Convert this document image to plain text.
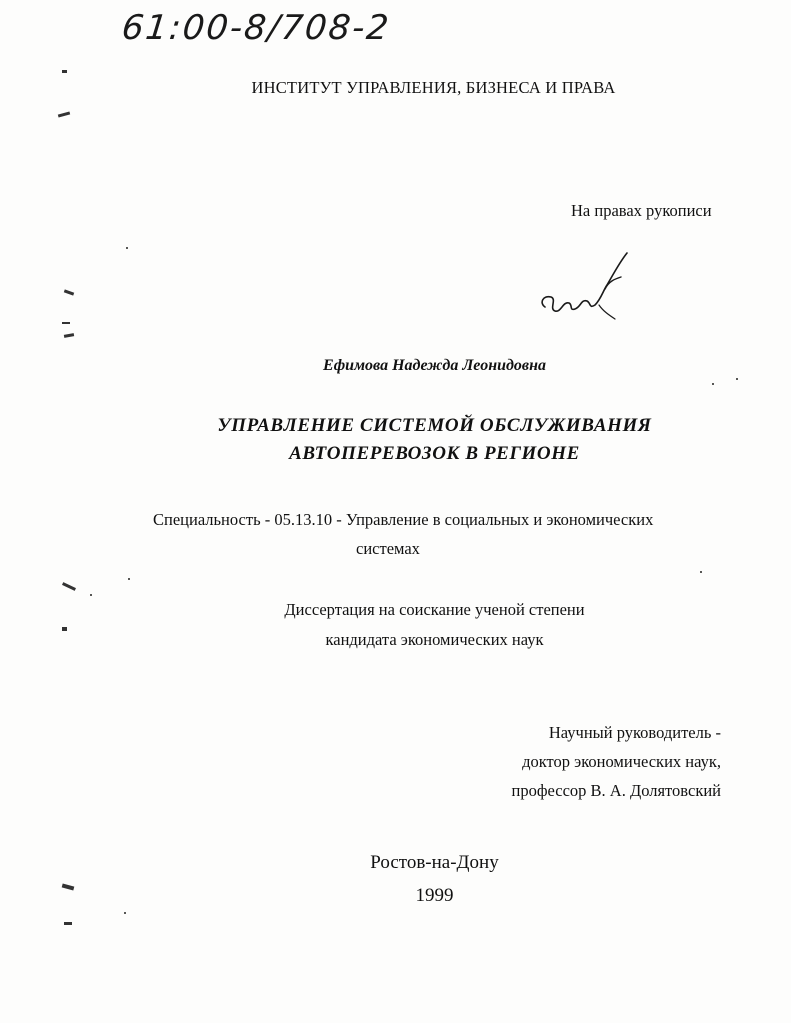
61:00-8/708-2
ИНСТИТУТ УПРАВЛЕНИЯ, БИЗНЕСА И ПРАВА
На правах рукописи
Ефимова Надежда Леонидовна
УПРАВЛЕНИЕ СИСТЕМОЙ ОБСЛУЖИВАНИЯ
АВТОПЕРЕВОЗОК В РЕГИОНЕ
Специальность - 05.13.10 - Управление в социальных и экономических
системах
Диссертация на соискание ученой степени
кандидата экономических наук
Научный руководитель -
доктор экономических наук,
профессор В. А. Долятовский
Ростов-на-Дону
1999
